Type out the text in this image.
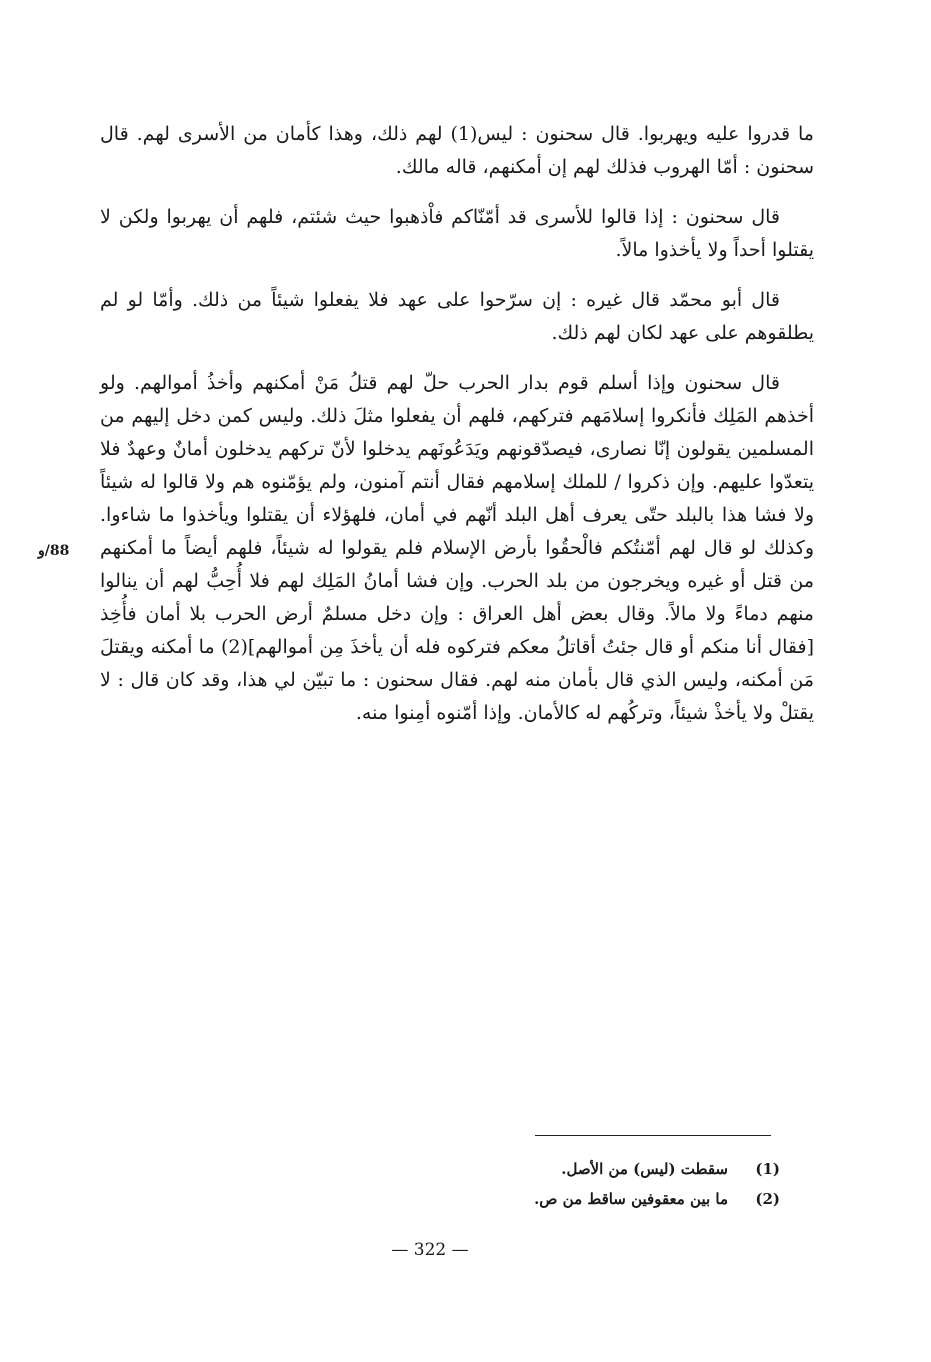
ما قدروا عليه ويهربوا. قال سحنون : ليس(1) لهم ذلك، وهذا كأمان من الأسرى لهم. قال سحنون : أمّا الهروب فذلك لهم إن أمكنهم، قاله مالك.

قال سحنون : إذا قالوا للأسرى قد أمّنّاكم فاْذهبوا حيث شئتم، فلهم أن يهربوا ولكن لا يقتلوا أحداً ولا يأخذوا مالاً.

قال أبو محمّد قال غيره : إن سرّحوا على عهد فلا يفعلوا شيئاً من ذلك. وأمّا لو لم يطلقوهم على عهد لكان لهم ذلك.

قال سحنون وإذا أسلم قوم بدار الحرب حلّ لهم قتلُ مَنْ أمكنهم وأخذُ أموالهم. ولو أخذهم المَلِك فأنكروا إسلامَهم فتركهم، فلهم أن يفعلوا مثلَ ذلك. وليس كمن دخل إليهم من المسلمين يقولون إنّا نصارى، فيصدّقونهم ويَدَعُونَهم يدخلوا لأنّ تركهم يدخلون أمانٌ وعهدٌ فلا يتعدّوا عليهم. وإن ذكروا / للملك إسلامهم فقال أنتم آمنون، ولم يؤمّنوه هم ولا قالوا له شيئاً ولا فشا هذا بالبلد حتّى يعرف أهل البلد أنّهم في أمان، فلهؤلاء أن يقتلوا ويأخذوا ما شاءوا. وكذلك لو قال لهم أمّنتُكم فالْحقُوا بأرض الإسلام فلم يقولوا له شيئاً، فلهم أيضاً ما أمكنهم من قتل أو غيره ويخرجون من بلد الحرب. وإن فشا أمانُ المَلِك لهم فلا أُحِبُّ لهم أن ينالوا منهم دماءً ولا مالاً. وقال بعض أهل العراق : وإن دخل مسلمٌ أرض الحرب بلا أمان فأُخِذ [فقال أنا منكم أو قال جئتُ أقاتلُ معكم فتركوه فله أن يأخذَ مِن أموالهم](2) ما أمكنه ويقتلَ مَن أمكنه، وليس الذي قال بأمان منه لهم. فقال سحنون : ما تبيّن لي هذا، وقد كان قال : لا يقتلْ ولا يأخذْ شيئاً، وتركُهم له كالأمان. وإذا أمّنوه أمِنوا منه.

88/و
(1)
سقطت (ليس) من الأصل.
(2)
ما بين معقوفين ساقط من ص.
— 322 —
